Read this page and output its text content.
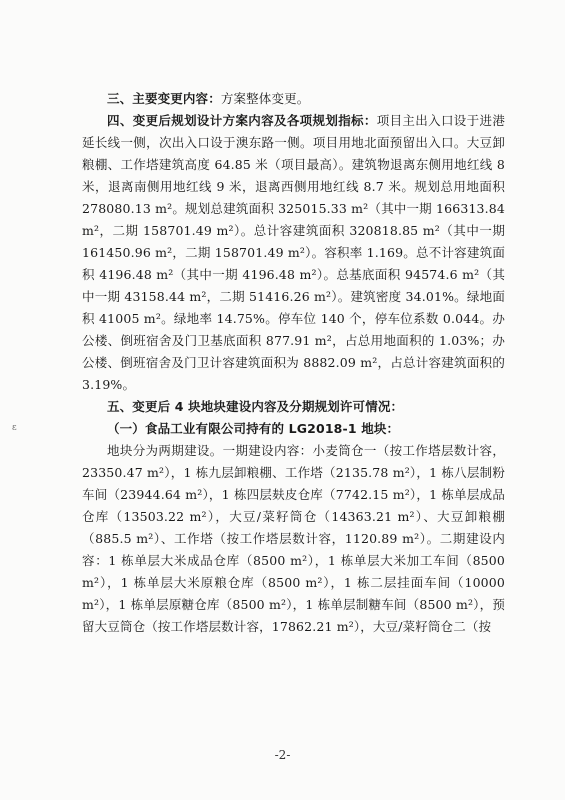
ɛ

三、主要变更内容：方案整体变更。

四、变更后规划设计方案内容及各项规划指标：项目主出入口设于进港延长线一侧，次出入口设于澳东路一侧。项目用地北面预留出入口。大豆卸粮棚、工作塔建筑高度 64.85 米（项目最高）。建筑物退离东侧用地红线 8 米，退离南侧用地红线 9 米，退离西侧用地红线 8.7 米。规划总用地面积 278080.13 m²。规划总建筑面积 325015.33 m²（其中一期 166313.84 m²，二期 158701.49 m²）。总计容建筑面积 320818.85 m²（其中一期 161450.96 m²，二期 158701.49 m²）。容积率 1.169。总不计容建筑面积 4196.48 m²（其中一期 4196.48 m²）。总基底面积 94574.6 m²（其中一期 43158.44 m²，二期 51416.26 m²）。建筑密度 34.01%。绿地面积 41005 m²。绿地率 14.75%。停车位 140 个，停车位系数 0.044。办公楼、倒班宿舍及门卫基底面积 877.91 m²，占总用地面积的 1.03%；办公楼、倒班宿舍及门卫计容建筑面积为 8882.09 m²，占总计容建筑面积的 3.19%。

五、变更后 4 块地块建设内容及分期规划许可情况：

（一）食品工业有限公司持有的 LG2018-1 地块：

地块分为两期建设。一期建设内容：小麦筒仓一（按工作塔层数计容，23350.47 m²），1 栋九层卸粮棚、工作塔（2135.78 m²），1 栋八层制粉车间（23944.64 m²），1 栋四层麸皮仓库（7742.15 m²），1 栋单层成品仓库（13503.22 m²），大豆/菜籽筒仓（14363.21 m²）、大豆卸粮棚（885.5 m²）、工作塔（按工作塔层数计容，1120.89 m²）。二期建设内容：1 栋单层大米成品仓库（8500 m²），1 栋单层大米加工车间（8500 m²），1 栋单层大米原粮仓库（8500 m²），1 栋二层挂面车间（10000 m²），1 栋单层原糖仓库（8500 m²），1 栋单层制糖车间（8500 m²），预留大豆筒仓（按工作塔层数计容，17862.21 m²），大豆/菜籽筒仓二（按

-2-
